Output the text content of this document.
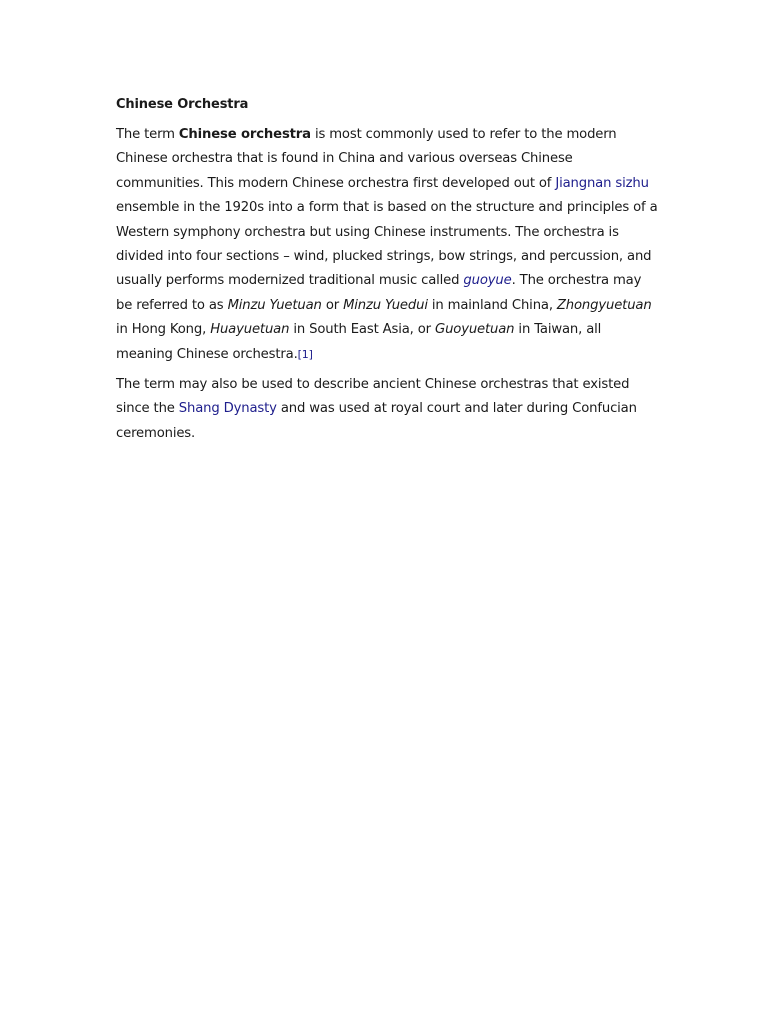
Chinese Orchestra

The term Chinese orchestra is most commonly used to refer to the modern Chinese orchestra that is found in China and various overseas Chinese communities. This modern Chinese orchestra first developed out of Jiangnan sizhu ensemble in the 1920s into a form that is based on the structure and principles of a Western symphony orchestra but using Chinese instruments. The orchestra is divided into four sections – wind, plucked strings, bow strings, and percussion, and usually performs modernized traditional music called guoyue. The orchestra may be referred to as Minzu Yuetuan or Minzu Yuedui in mainland China, Zhongyuetuan in Hong Kong, Huayuetuan in South East Asia, or Guoyuetuan in Taiwan, all meaning Chinese orchestra.[1]

The term may also be used to describe ancient Chinese orchestras that existed since the Shang Dynasty and was used at royal court and later during Confucian ceremonies.
